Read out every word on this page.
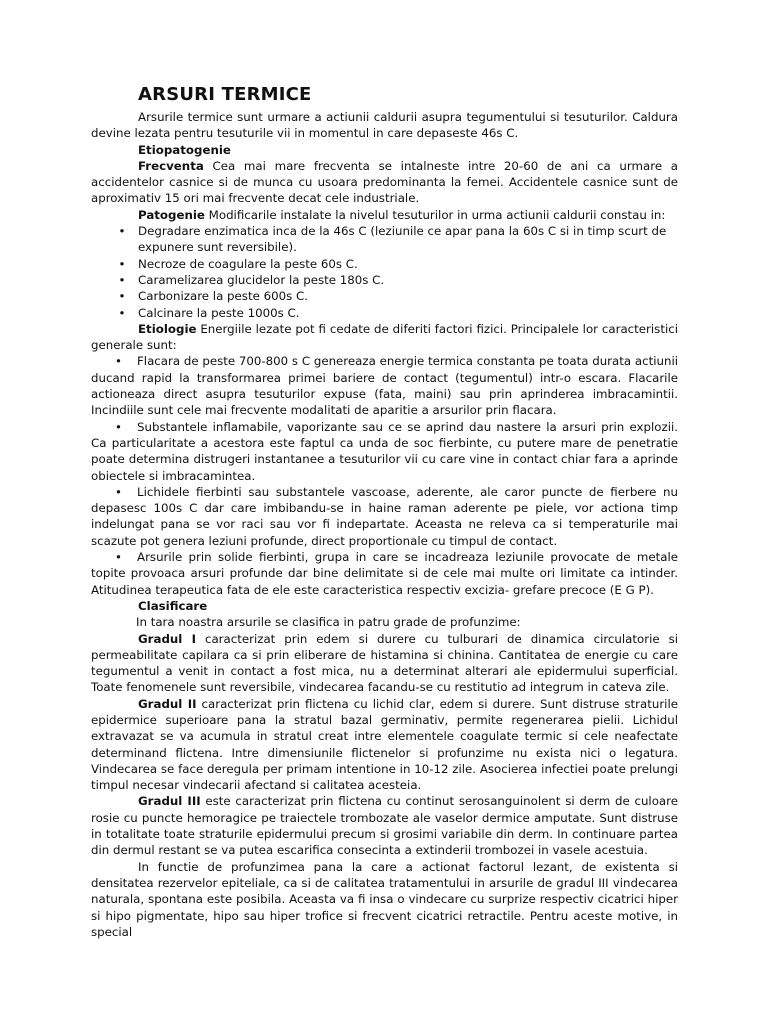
ARSURI TERMICE

Arsurile termice sunt urmare a actiunii caldurii asupra tegumentului si tesuturilor. Caldura devine lezata pentru tesuturile vii in momentul in care depaseste 46s C.

Etiopatogenie

Frecventa Cea mai mare frecventa se intalneste intre 20-60 de ani ca urmare a accidentelor casnice si de munca cu usoara predominanta la femei. Accidentele casnice sunt de aproximativ 15 ori mai frecvente decat cele industriale.

Patogenie Modificarile instalate la nivelul tesuturilor in urma actiunii caldurii constau in:

• Degradare enzimatica inca de la 46s C (leziunile ce apar pana la 60s C si in timp scurt de expunere sunt reversibile).
• Necroze de coagulare la peste 60s C.
• Caramelizarea glucidelor la peste 180s C.
• Carbonizare la peste 600s C.
• Calcinare la peste 1000s C.

Etiologie Energiile lezate pot fi cedate de diferiti factori fizici. Principalele lor caracteristici generale sunt:

• Flacara de peste 700-800 s C genereaza energie termica constanta pe toata durata actiunii ducand rapid la transformarea primei bariere de contact (tegumentul) intr-o escara. Flacarile actioneaza direct asupra tesuturilor expuse (fata, maini) sau prin aprinderea imbracamintii. Incindiile sunt cele mai frecvente modalitati de aparitie a arsurilor prin flacara.

• Substantele inflamabile, vaporizante sau ce se aprind dau nastere la arsuri prin explozii. Ca particularitate a acestora este faptul ca unda de soc fierbinte, cu putere mare de penetratie poate determina distrugeri instantanee a tesuturilor vii cu care vine in contact chiar fara a aprinde obiectele si imbracamintea.

• Lichidele fierbinti sau substantele vascoase, aderente, ale caror puncte de fierbere nu depasesc 100s C dar care imbibandu-se in haine raman aderente pe piele, vor actiona timp indelungat pana se vor raci sau vor fi indepartate. Aceasta ne releva ca si temperaturile mai scazute pot genera leziuni profunde, direct proportionale cu timpul de contact.

• Arsurile prin solide fierbinti, grupa in care se incadreaza leziunile provocate de metale topite provoaca arsuri profunde dar bine delimitate si de cele mai multe ori limitate ca intinder. Atitudinea terapeutica fata de ele este caracteristica respectiv excizia- grefare precoce (E G P).

Clasificare

In tara noastra arsurile se clasifica in patru grade de profunzime:

Gradul I caracterizat prin edem si durere cu tulburari de dinamica circulatorie si permeabilitate capilara ca si prin eliberare de histamina si chinina. Cantitatea de energie cu care tegumentul a venit in contact a fost mica, nu a determinat alterari ale epidermului superficial. Toate fenomenele sunt reversibile, vindecarea facandu-se cu restitutio ad integrum in cateva zile.

Gradul II caracterizat prin flictena cu lichid clar, edem si durere. Sunt distruse straturile epidermice superioare pana la stratul bazal germinativ, permite regenerarea pielii. Lichidul extravazat se va acumula in stratul creat intre elementele coagulate termic si cele neafectate determinand flictena. Intre dimensiunile flictenelor si profunzime nu exista nici o legatura. Vindecarea se face deregula per primam intentione in 10-12 zile. Asocierea infectiei poate prelungi timpul necesar vindecarii afectand si calitatea acesteia.

Gradul III este caracterizat prin flictena cu continut serosanguinolent si derm de culoare rosie cu puncte hemoragice pe traiectele trombozate ale vaselor dermice amputate. Sunt distruse in totalitate toate straturile epidermului precum si grosimi variabile din derm. In continuare partea din dermul restant se va putea escarifica consecinta a extinderii trombozei in vasele acestuia.

In functie de profunzimea pana la care a actionat factorul lezant, de existenta si densitatea rezervelor epiteliale, ca si de calitatea tratamentului in arsurile de gradul III vindecarea naturala, spontana este posibila. Aceasta va fi insa o vindecare cu surprize respectiv cicatrici hiper si hipo pigmentate, hipo sau hiper trofice si frecvent cicatrici retractile. Pentru aceste motive, in special
